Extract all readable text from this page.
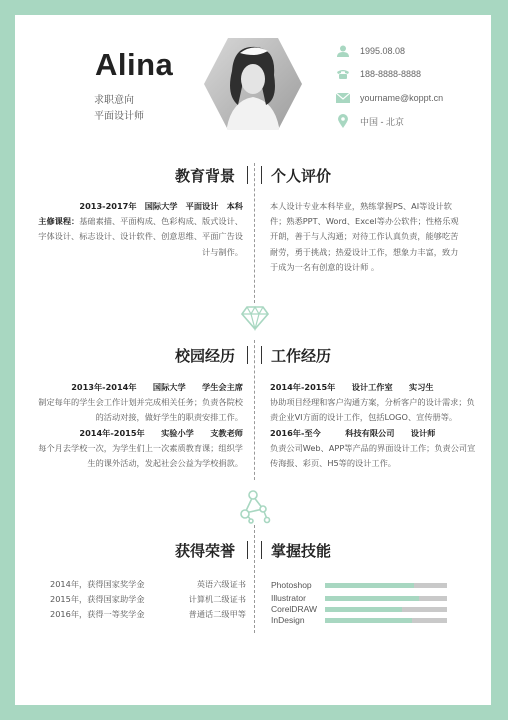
Alina
求职意向
平面设计师
1995.08.08
188-8888-8888
yourname@koppt.cn
中国 - 北京
教育背景
2013-2017年　国际大学　平面设计　本科
主修课程：基础素描、平面构成、色彩构成、版式设计、字体设计、标志设计、设计软件、创意思维、平面广告设计与制作。
个人评价
本人设计专业本科毕业，熟练掌握PS、AI等设计软件；熟悉PPT、Word、Excel等办公软件；性格乐观开朗，善于与人沟通；对待工作认真负责，能够吃苦耐劳，勇于挑战；热爱设计工作，想象力丰富，致力于成为一名有创意的设计师 。
校园经历
2013年-2014年　　国际大学　　学生会主席
制定每年的学生会工作计划并完成相关任务；负责各院校的活动对接，做好学生的职责安排工作。
2014年-2015年　　实验小学　　支教老师
每个月去学校一次，为学生们上一次素质教育课；组织学生的课外活动，发起社会公益为学校捐款。
工作经历
2014年-2015年　　设计工作室　　实习生
协助项目经理和客户沟通方案，分析客户的设计需求；负责企业VI方面的设计工作，包括LOGO、宣传册等。
2016年-至今　　　科技有限公司　　设计师
负责公司Web、APP等产品的界面设计工作；负责公司宣传海报、彩页、H5等的设计工作。
获得荣誉
2014年，获得国家奖学金	英语六级证书
2015年，获得国家助学金	计算机二级证书
2016年，获得一等奖学金	普通话二级甲等
掌握技能
Photoshop
Illustrator
CorelDRAW
InDesign
